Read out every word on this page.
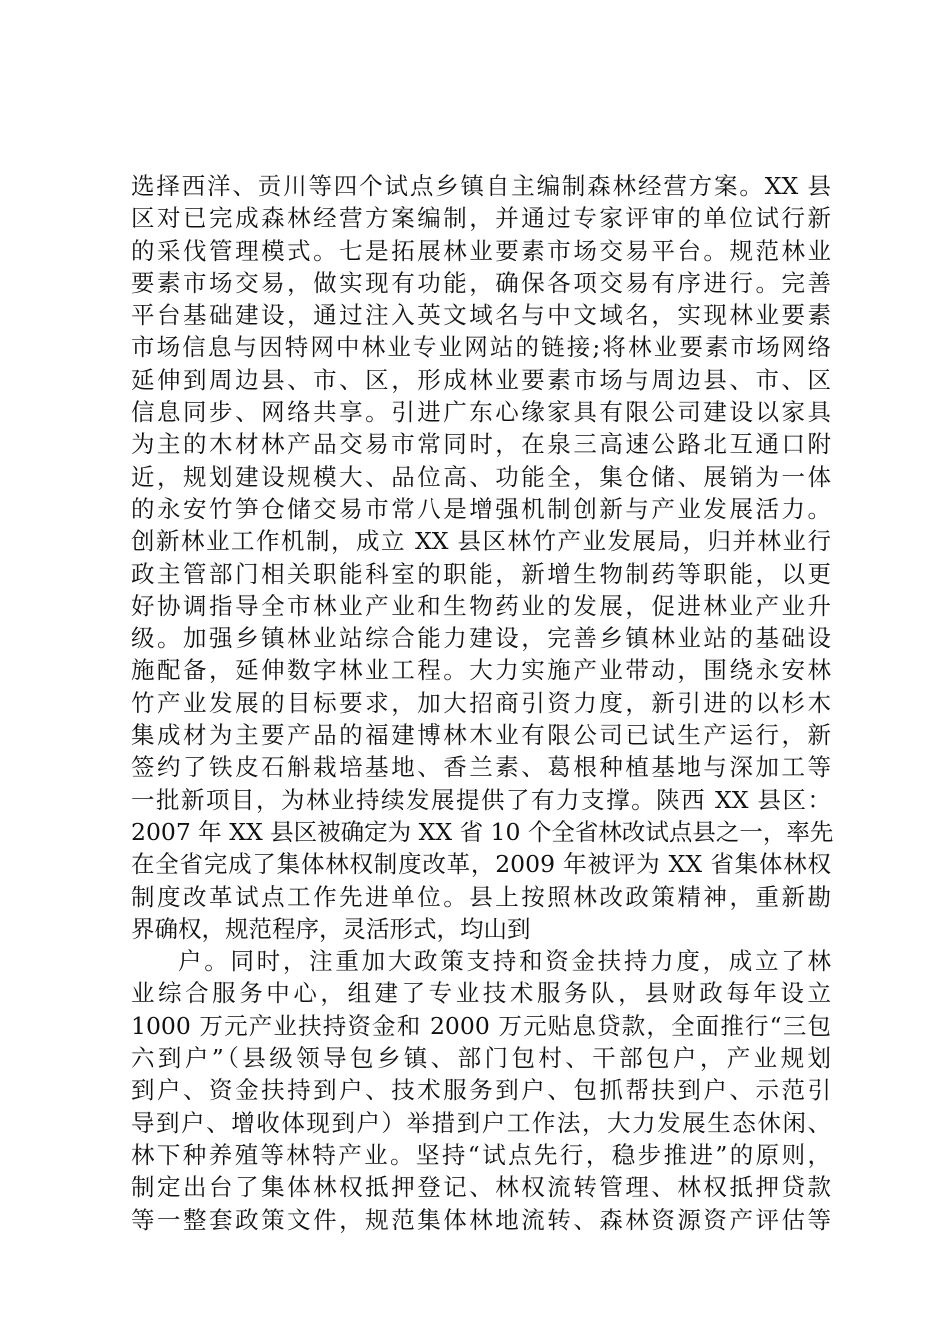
选择西洋、贡川等四个试点乡镇自主编制森林经营方案。XX 县
区对已完成森林经营方案编制，并通过专家评审的单位试行新
的采伐管理模式。七是拓展林业要素市场交易平台。规范林业
要素市场交易，做实现有功能，确保各项交易有序进行。完善
平台基础建设，通过注入英文域名与中文域名，实现林业要素
市场信息与因特网中林业专业网站的链接;将林业要素市场网络
延伸到周边县、市、区，形成林业要素市场与周边县、市、区
信息同步、网络共享。引进广东心缘家具有限公司建设以家具
为主的木材林产品交易市常同时，在泉三高速公路北互通口附
近，规划建设规模大、品位高、功能全，集仓储、展销为一体
的永安竹笋仓储交易市常八是增强机制创新与产业发展活力。
创新林业工作机制，成立 XX 县区林竹产业发展局，归并林业行
政主管部门相关职能科室的职能，新增生物制药等职能，以更
好协调指导全市林业产业和生物药业的发展，促进林业产业升
级。加强乡镇林业站综合能力建设，完善乡镇林业站的基础设
施配备，延伸数字林业工程。大力实施产业带动，围绕永安林
竹产业发展的目标要求，加大招商引资力度，新引进的以杉木
集成材为主要产品的福建博林木业有限公司已试生产运行，新
签约了铁皮石斛栽培基地、香兰素、葛根种植基地与深加工等
一批新项目，为林业持续发展提供了有力支撑。陕西 XX 县区：
2007 年 XX 县区被确定为 XX 省 10 个全省林改试点县之一，率先
在全省完成了集体林权制度改革，2009 年被评为 XX 省集体林权
制度改革试点工作先进单位。县上按照林改政策精神，重新勘
界确权，规范程序，灵活形式，均山到
户。同时，注重加大政策支持和资金扶持力度，成立了林
业综合服务中心，组建了专业技术服务队，县财政每年设立
1000 万元产业扶持资金和 2000 万元贴息贷款，全面推行“三包
六到户”（县级领导包乡镇、部门包村、干部包户，产业规划
到户、资金扶持到户、技术服务到户、包抓帮扶到户、示范引
导到户、增收体现到户）举措到户工作法，大力发展生态休闲、
林下种养殖等林特产业。坚持“试点先行，稳步推进”的原则，
制定出台了集体林权抵押登记、林权流转管理、林权抵押贷款
等一整套政策文件，规范集体林地流转、森林资源资产评估等
